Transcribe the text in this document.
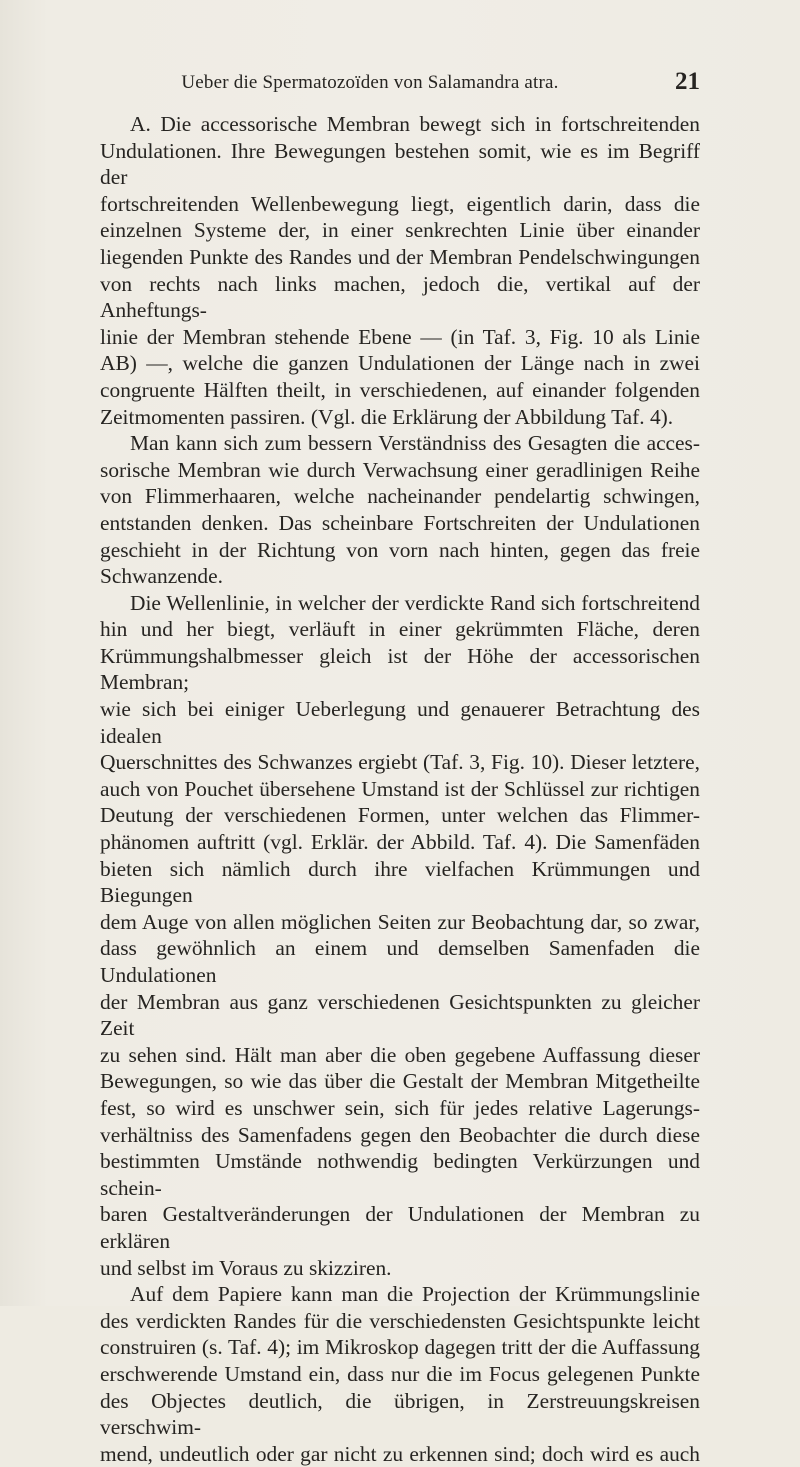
Ueber die Spermatozoïden von Salamandra atra.	21

A. Die accessorische Membran bewegt sich in fortschreitenden

Undulationen. Ihre Bewegungen bestehen somit, wie es im Begriff der

fortschreitenden Wellenbewegung liegt, eigentlich darin, dass die

einzelnen Systeme der, in einer senkrechten Linie über einander

liegenden Punkte des Randes und der Membran Pendelschwingungen

von rechts nach links machen, jedoch die, vertikal auf der Anheftungs-

linie der Membran stehende Ebene — (in Taf. 3, Fig. 10 als Linie

AB) —, welche die ganzen Undulationen der Länge nach in zwei

congruente Hälften theilt, in verschiedenen, auf einander folgenden

Zeitmomenten passiren. (Vgl. die Erklärung der Abbildung Taf. 4).

Man kann sich zum bessern Verständniss des Gesagten die acces-

sorische Membran wie durch Verwachsung einer geradlinigen Reihe

von Flimmerhaaren, welche nacheinander pendelartig schwingen,

entstanden denken. Das scheinbare Fortschreiten der Undulationen

geschieht in der Richtung von vorn nach hinten, gegen das freie

Schwanzende.

Die Wellenlinie, in welcher der verdickte Rand sich fortschreitend

hin und her biegt, verläuft in einer gekrümmten Fläche, deren

Krümmungshalbmesser gleich ist der Höhe der accessorischen Membran;

wie sich bei einiger Ueberlegung und genauerer Betrachtung des idealen

Querschnittes des Schwanzes ergiebt (Taf. 3, Fig. 10). Dieser letztere,

auch von Pouchet übersehene Umstand ist der Schlüssel zur richtigen

Deutung der verschiedenen Formen, unter welchen das Flimmer-

phänomen auftritt (vgl. Erklär. der Abbild. Taf. 4). Die Samenfäden

bieten sich nämlich durch ihre vielfachen Krümmungen und Biegungen

dem Auge von allen möglichen Seiten zur Beobachtung dar, so zwar,

dass gewöhnlich an einem und demselben Samenfaden die Undulationen

der Membran aus ganz verschiedenen Gesichtspunkten zu gleicher Zeit

zu sehen sind. Hält man aber die oben gegebene Auffassung dieser

Bewegungen, so wie das über die Gestalt der Membran Mitgetheilte

fest, so wird es unschwer sein, sich für jedes relative Lagerungs-

verhältniss des Samenfadens gegen den Beobachter die durch diese

bestimmten Umstände nothwendig bedingten Verkürzungen und schein-

baren Gestaltveränderungen der Undulationen der Membran zu erklären

und selbst im Voraus zu skizziren.

Auf dem Papiere kann man die Projection der Krümmungslinie

des verdickten Randes für die verschiedensten Gesichtspunkte leicht

construiren (s. Taf. 4); im Mikroskop dagegen tritt der die Auffassung

erschwerende Umstand ein, dass nur die im Focus gelegenen Punkte

des Objectes deutlich, die übrigen, in Zerstreuungskreisen verschwim-

mend, undeutlich oder gar nicht zu erkennen sind; doch wird es auch
